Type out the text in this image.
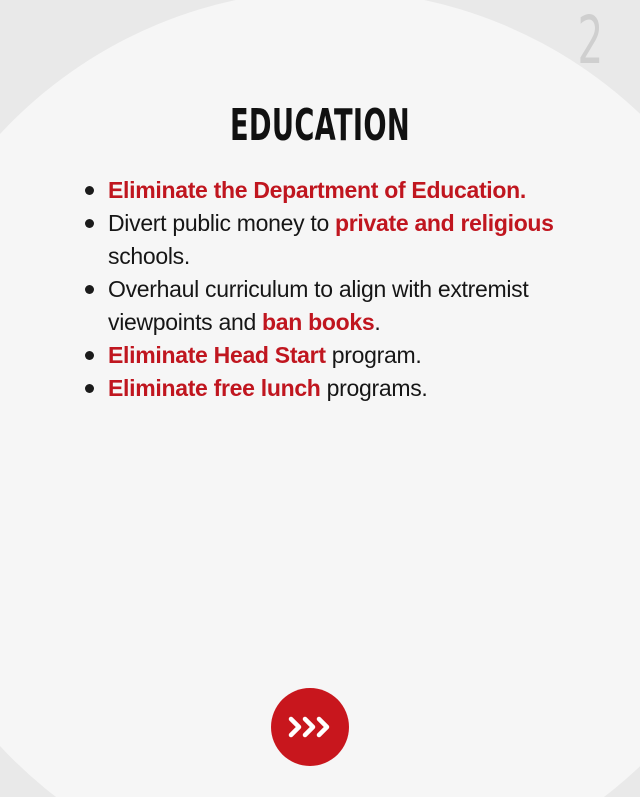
2
EDUCATION
Eliminate the Department of Education.
Divert public money to private and religious schools.
Overhaul curriculum to align with extremist viewpoints and ban books.
Eliminate Head Start program.
Eliminate free lunch programs.
